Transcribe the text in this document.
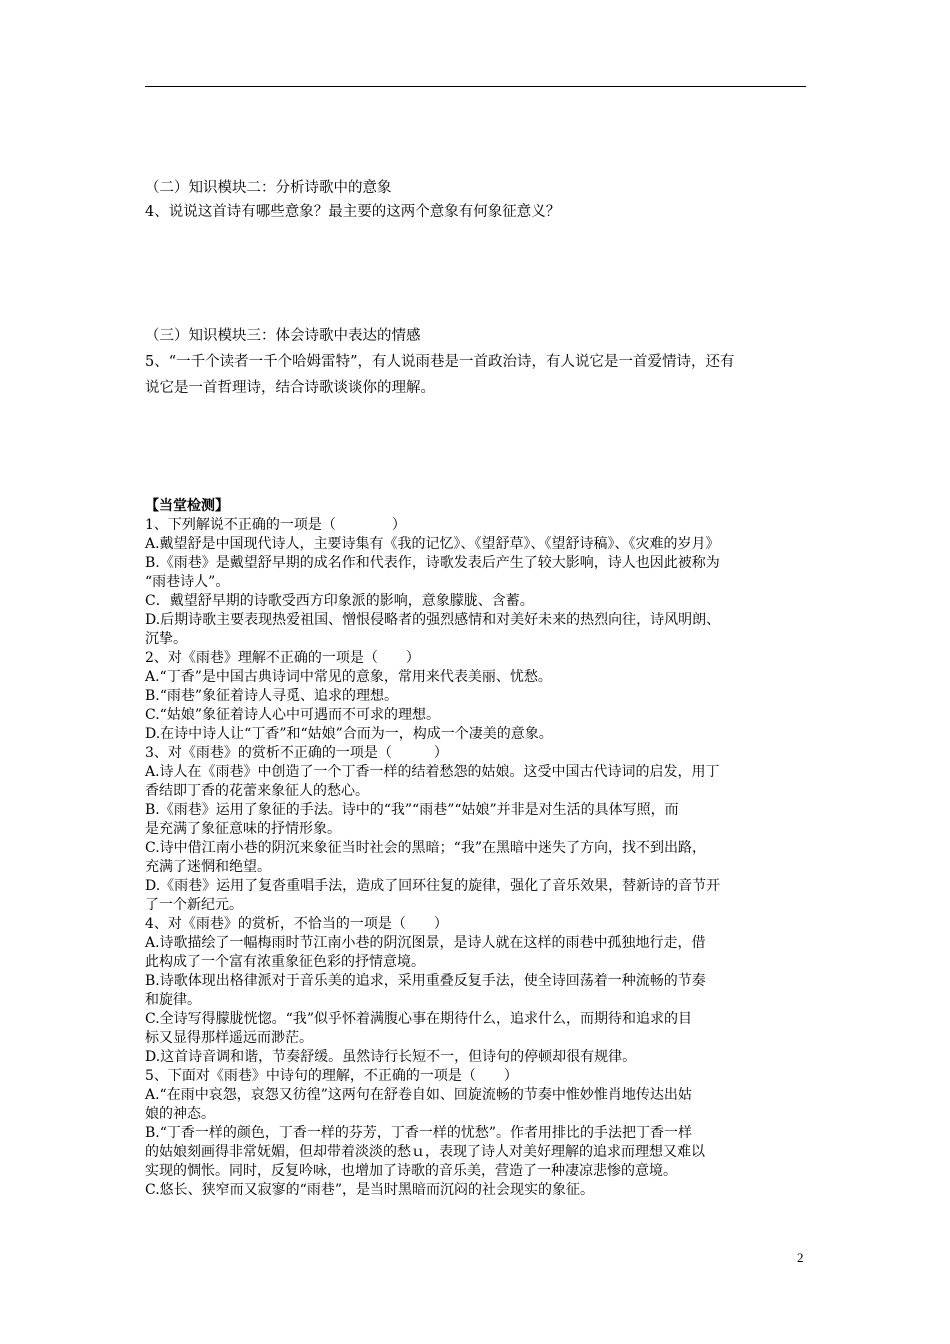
（二）知识模块二：分析诗歌中的意象
4、说说这首诗有哪些意象？最主要的这两个意象有何象征意义？
（三）知识模块三：体会诗歌中表达的情感
5、“一千个读者一千个哈姆雷特”，有人说雨巷是一首政治诗，有人说它是一首爱情诗，还有
说它是一首哲理诗，结合诗歌谈谈你的理解。
【当堂检测】
1、下列解说不正确的一项是（　　　　）
A.戴望舒是中国现代诗人，主要诗集有《我的记忆》、《望舒草》、《望舒诗稿》、《灾难的岁月》
B.《雨巷》是戴望舒早期的成名作和代表作，诗歌发表后产生了较大影响，诗人也因此被称为
“雨巷诗人”。
C．戴望舒早期的诗歌受西方印象派的影响，意象朦胧、含蓄。
D.后期诗歌主要表现热爱祖国、憎恨侵略者的强烈感情和对美好未来的热烈向往，诗风明朗、
沉挚。
2、对《雨巷》理解不正确的一项是（　　）
A.“丁香”是中国古典诗词中常见的意象，常用来代表美丽、忧愁。
B.“雨巷”象征着诗人寻觅、追求的理想。
C.“姑娘”象征着诗人心中可遇而不可求的理想。
D.在诗中诗人让“丁香”和“姑娘”合而为一，构成一个凄美的意象。
3、对《雨巷》的赏析不正确的一项是（　　　）
A.诗人在《雨巷》中创造了一个丁香一样的结着愁怨的姑娘。这受中国古代诗词的启发，用丁
香结即丁香的花蕾来象征人的愁心。
B.《雨巷》运用了象征的手法。诗中的“我”“雨巷”“姑娘”并非是对生活的具体写照，而
是充满了象征意味的抒情形象。
C.诗中借江南小巷的阴沉来象征当时社会的黑暗；“我”在黑暗中迷失了方向，找不到出路，
充满了迷惘和绝望。
D.《雨巷》运用了复沓重唱手法，造成了回环往复的旋律，强化了音乐效果，替新诗的音节开
了一个新纪元。
4、对《雨巷》的赏析，不恰当的一项是（　　）
A.诗歌描绘了一幅梅雨时节江南小巷的阴沉图景，是诗人就在这样的雨巷中孤独地行走，借
此构成了一个富有浓重象征色彩的抒情意境。
B.诗歌体现出格律派对于音乐美的追求，采用重叠反复手法，使全诗回荡着一种流畅的节奏
和旋律。
C.全诗写得朦胧恍惚。“我”似乎怀着满腹心事在期待什么，追求什么，而期待和追求的目
标又显得那样遥远而渺茫。
D.这首诗音调和谐，节奏舒缓。虽然诗行长短不一，但诗句的停顿却很有规律。
5、下面对《雨巷》中诗句的理解，不正确的一项是（　　）
A.“在雨中哀怨，哀怨又彷徨”这两句在舒卷自如、回旋流畅的节奏中惟妙惟肖地传达出姑
娘的神态。
B.“丁香一样的颜色，丁香一样的芬芳，丁香一样的忧愁”。作者用排比的手法把丁香一样
的姑娘刻画得非常妩媚，但却带着淡淡的愁ｕ，表现了诗人对美好理解的追求而理想又难以
实现的惆怅。同时，反复吟咏，也增加了诗歌的音乐美，营造了一种凄凉悲惨的意境。
C.悠长、狭窄而又寂寥的“雨巷”，是当时黑暗而沉闷的社会现实的象征。
2
